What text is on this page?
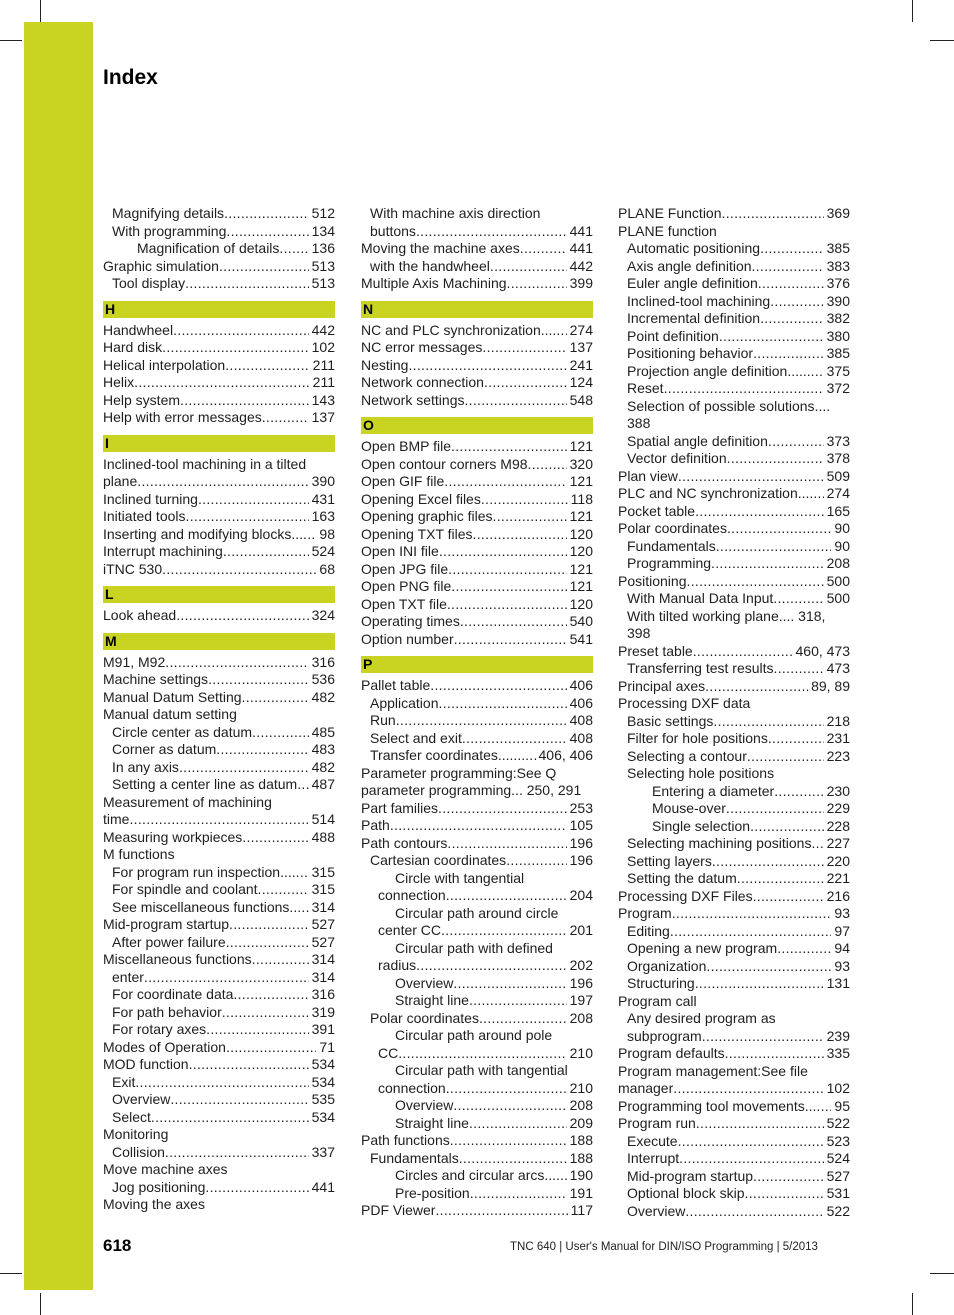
Index
Magnifying details .....	512
With programming .....	134
Magnification of details ..... 136
Graphic simulation .....	513
Tool display .....	513
H
Handwheel .....	442
Hard disk .....	102
Helical interpolation .....	211
Helix .....	211
Help system .....	143
Help with error messages .....	137
I
Inclined-tool machining in a tilted
plane .....	390
Inclined turning .....	431
Initiated tools .....	163
Inserting and modifying blocks... ..... 98
Interrupt machining .....	524
iTNC 530 .....	68
L
Look ahead .....	324
M
M91, M92 .....	316
Machine settings .....	536
Manual Datum Setting .....	482
Manual datum setting
Circle center as datum .....	485
Corner as datum .....	483
In any axis .....	482
Setting a center line as datum ..... 487
Measurement of machining
time .....	514
Measuring workpieces .....	488
M functions
For program run inspection.... ..... 315
For spindle and coolant .....	315
See miscellaneous functions.. ..... 314
Mid-program startup .....	527
After power failure .....	527
Miscellaneous functions .....	314
enter .....	314
For coordinate data .....	316
For path behavior .....	319
For rotary axes .....	391
Modes of Operation .....	71
MOD function .....	534
Exit .....	534
Overview .....	535
Select .....	534
Monitoring
Collision .....	337
Move machine axes
Jog positioning .....	441
Moving the axes
With machine axis direction
buttons .....	441
Moving the machine axes .....	441
with the handwheel .....	442
Multiple Axis Machining .....	399
N
NC and PLC synchronization.... ..... 274
NC error messages .....	137
Nesting .....	241
Network connection .....	124
Network settings .....	548
O
Open BMP file .....	121
Open contour corners M98 .....	320
Open GIF file .....	121
Opening Excel files .....	118
Opening graphic files .....	121
Opening TXT files .....	120
Open INI file .....	120
Open JPG file .....	121
Open PNG file .....	121
Open TXT file .....	120
Operating times .....	540
Option number .....	541
P
Pallet table .....	406
Application .....	406
Run .....	408
Select and exit .....	408
Transfer coordinates....... ..... 406, 406
Parameter programming:See Q
parameter programming... 250, 291
Part families .....	253
Path .....	105
Path contours .....	196
Cartesian coordinates .....	196
Circle with tangential
connection .....	204
Circular path around circle
center CC .....	201
Circular path with defined
radius .....	202
Overview .....	196
Straight line .....	197
Polar coordinates .....	208
Circular path around pole
CC .....	210
Circular path with tangential
connection .....	210
Overview .....	208
Straight line .....	209
Path functions .....	188
Fundamentals .....	188
Circles and circular arcs.... ..... 190
Pre-position .....	191
PDF Viewer .....	117
PLANE Function .....	369
PLANE function
Automatic positioning .....	385
Axis angle definition .....	383
Euler angle definition .....	376
Inclined-tool machining .....	390
Incremental definition .....	382
Point definition .....	380
Positioning behavior .....	385
Projection angle definition...... ..... 375
Reset .....	372
Selection of possible solutions....
388
Spatial angle definition .....	373
Vector definition .....	378
Plan view .....	509
PLC and NC synchronization.... ..... 274
Pocket table .....	165
Polar coordinates .....	90
Fundamentals .....	90
Programming .....	208
Positioning .....	500
With Manual Data Input .....	500
With tilted working plane.... 318,
398
Preset table .....	460, 473
Transferring test results .....	473
Principal axes .....	89, 89
Processing DXF data
Basic settings .....	218
Filter for hole positions .....	231
Selecting a contour .....	223
Selecting hole positions
Entering a diameter .....	230
Mouse-over .....	229
Single selection .....	228
Selecting machining positions ..... 227
Setting layers .....	220
Setting the datum .....	221
Processing DXF Files .....	216
Program .....	93
Editing .....	97
Opening a new program .....	94
Organization .....	93
Structuring .....	131
Program call
Any desired program as
subprogram .....	239
Program defaults .....	335
Program management:See file
manager .....	102
Programming tool movements... ..... 95
Program run .....	522
Execute .....	523
Interrupt .....	524
Mid-program startup .....	527
Optional block skip .....	531
Overview .....	522
618	TNC 640 | User's Manual for DIN/ISO Programming | 5/2013
